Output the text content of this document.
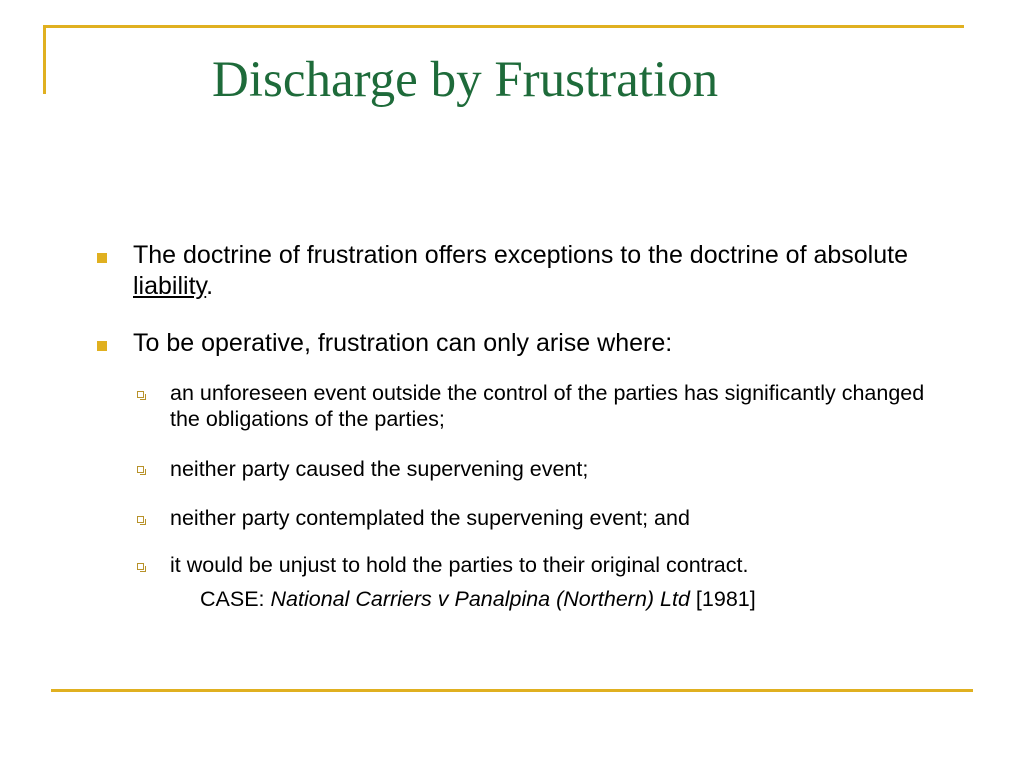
Discharge by Frustration

The doctrine of frustration offers exceptions to the doctrine of absolute liability.

To be operative, frustration can only arise where:

an unforeseen event outside the control of the parties has significantly changed the obligations of the parties;

neither party caused the supervening event;

neither party contemplated the supervening event; and

it would be unjust to hold the parties to their original contract.

CASE: National Carriers v Panalpina (Northern) Ltd [1981]
